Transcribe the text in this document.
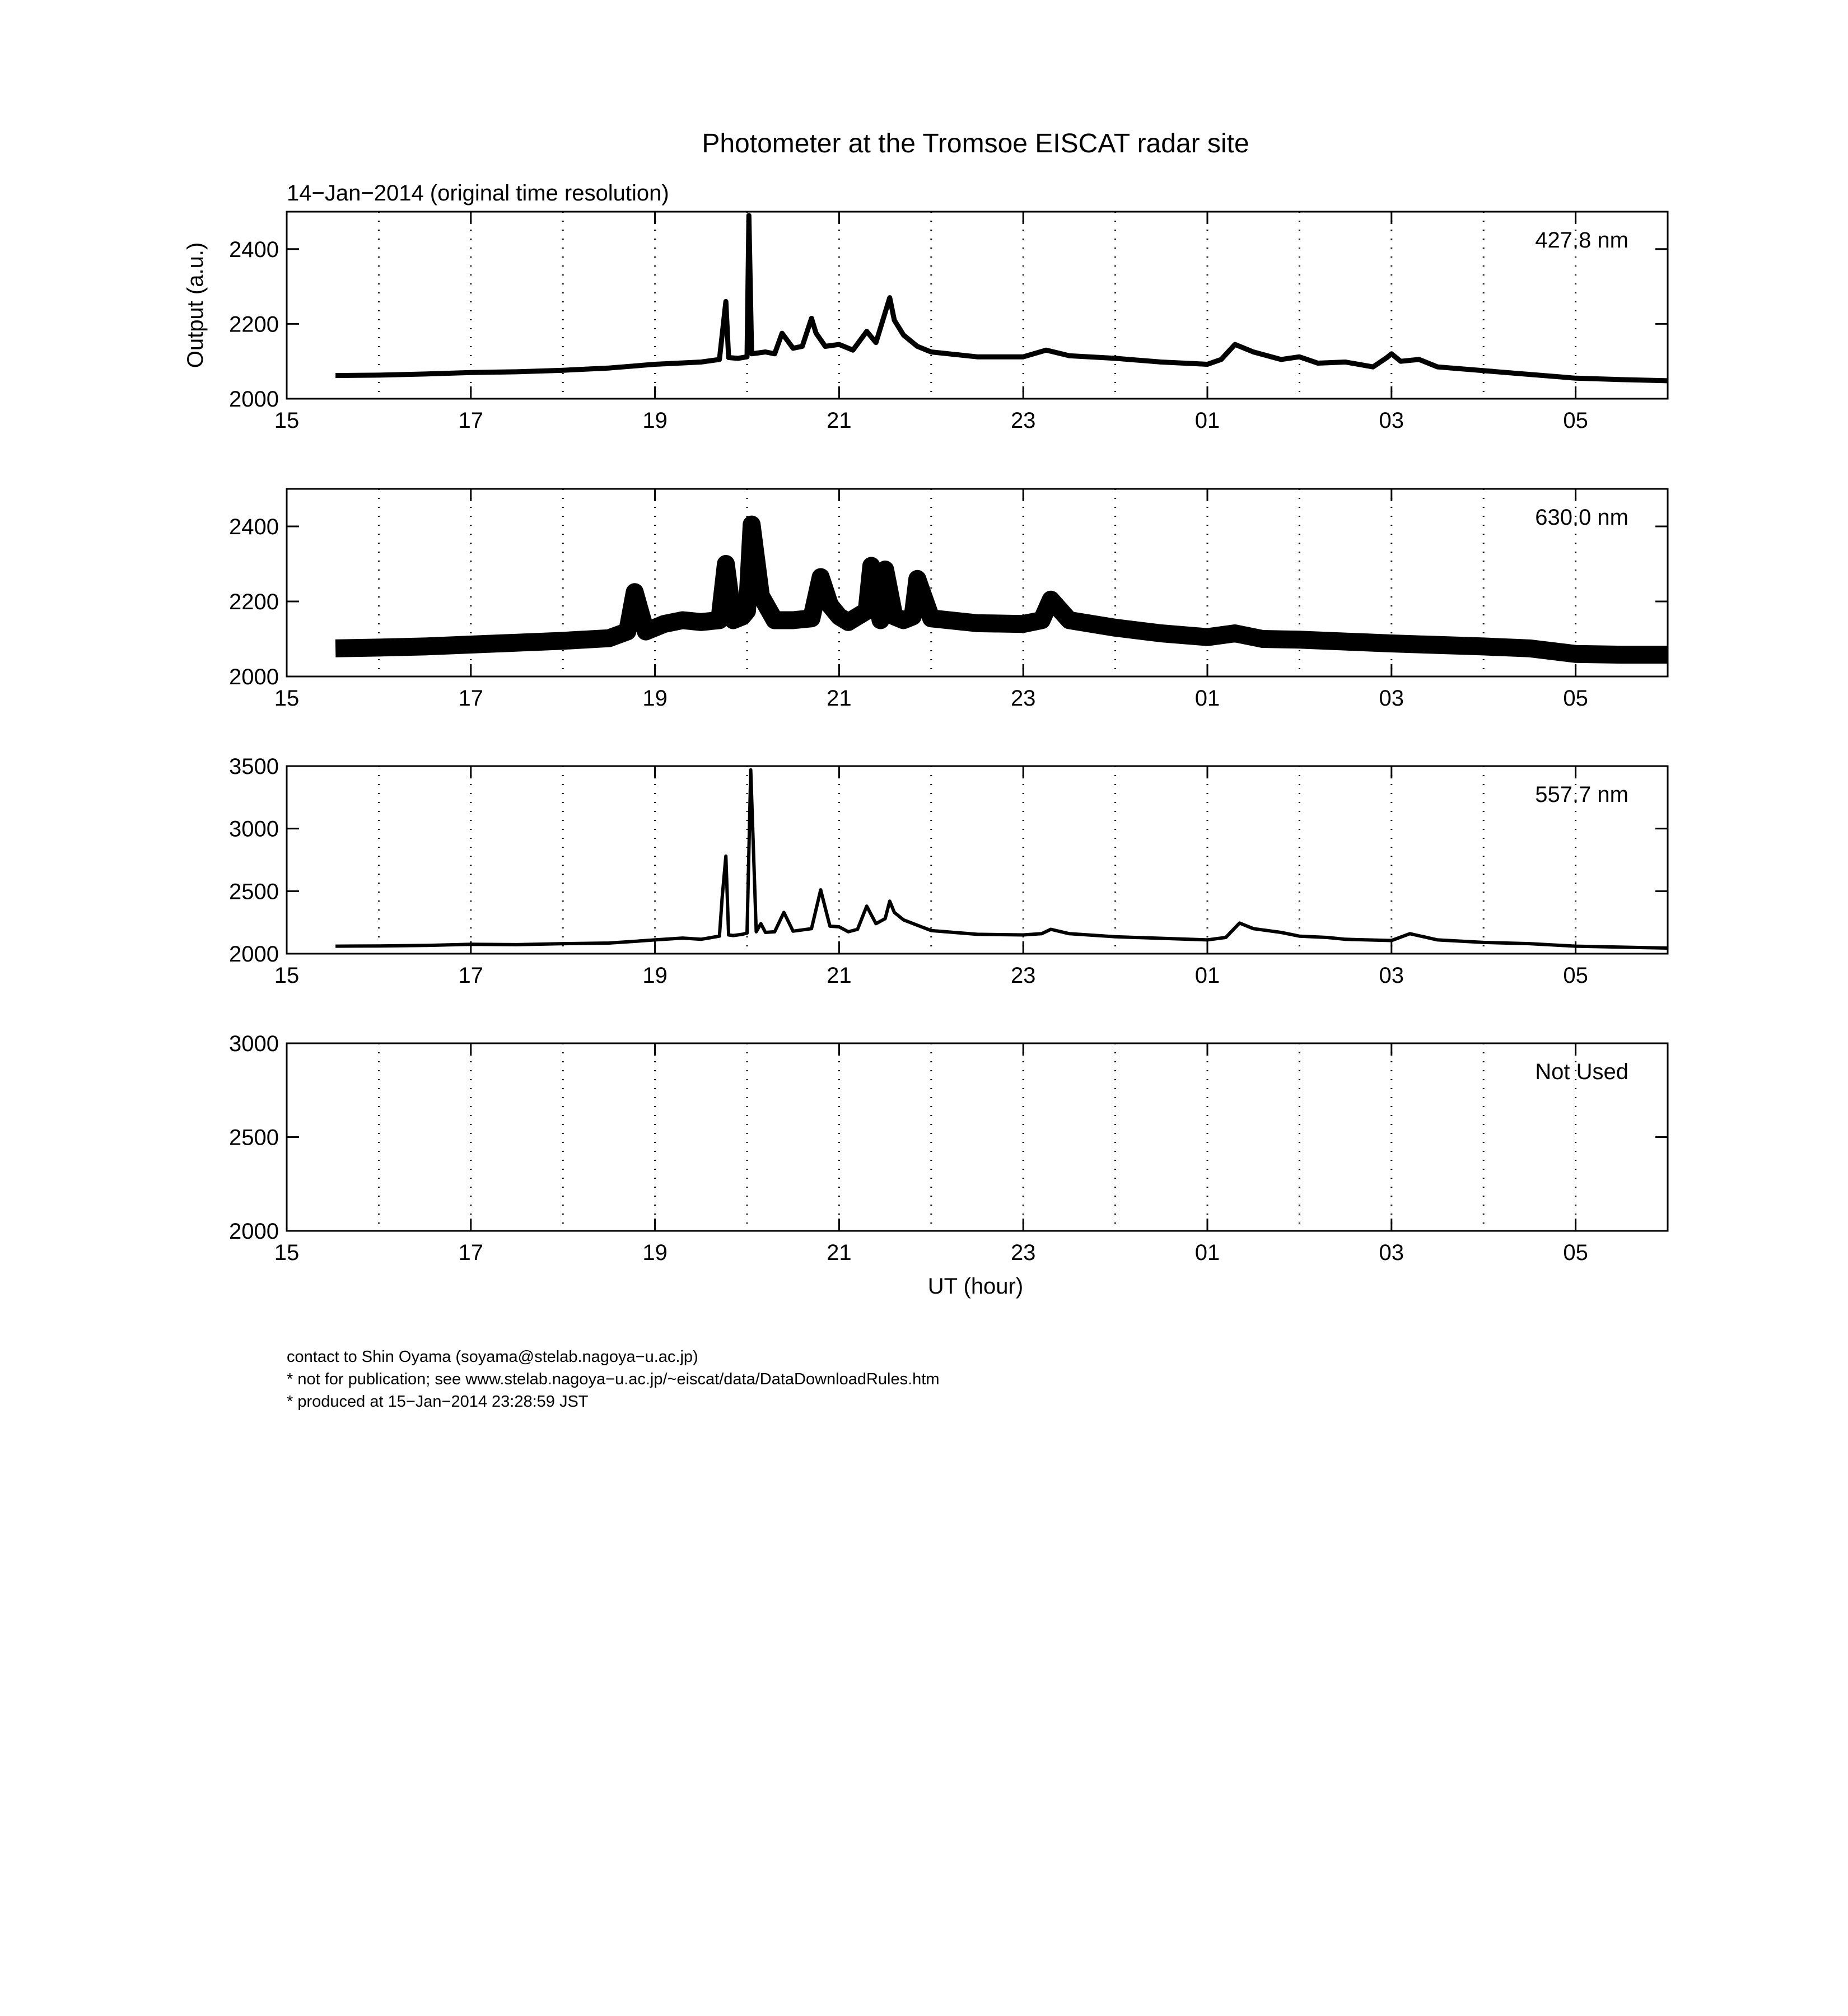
Photometer at the Tromsoe EISCAT radar site
14−Jan−2014 (original time resolution)
Output (a.u.)
15	17	19	21	23	01	03	05
2000
2200
2400	427.8 nm
15	17	19	21	23	01	03	05
2000
2200
2400	630.0 nm
15	17	19	21	23	01	03	05
2000
2500
3000
3500
557.7 nm
15	17	19	21	23	01	03	05
2000
2500
3000
Not Used
UT (hour)
contact to Shin Oyama (soyama@stelab.nagoya−u.ac.jp)
* not for publication; see www.stelab.nagoya−u.ac.jp/~eiscat/data/DataDownloadRules.htm
* produced at 15−Jan−2014 23:28:59 JST
